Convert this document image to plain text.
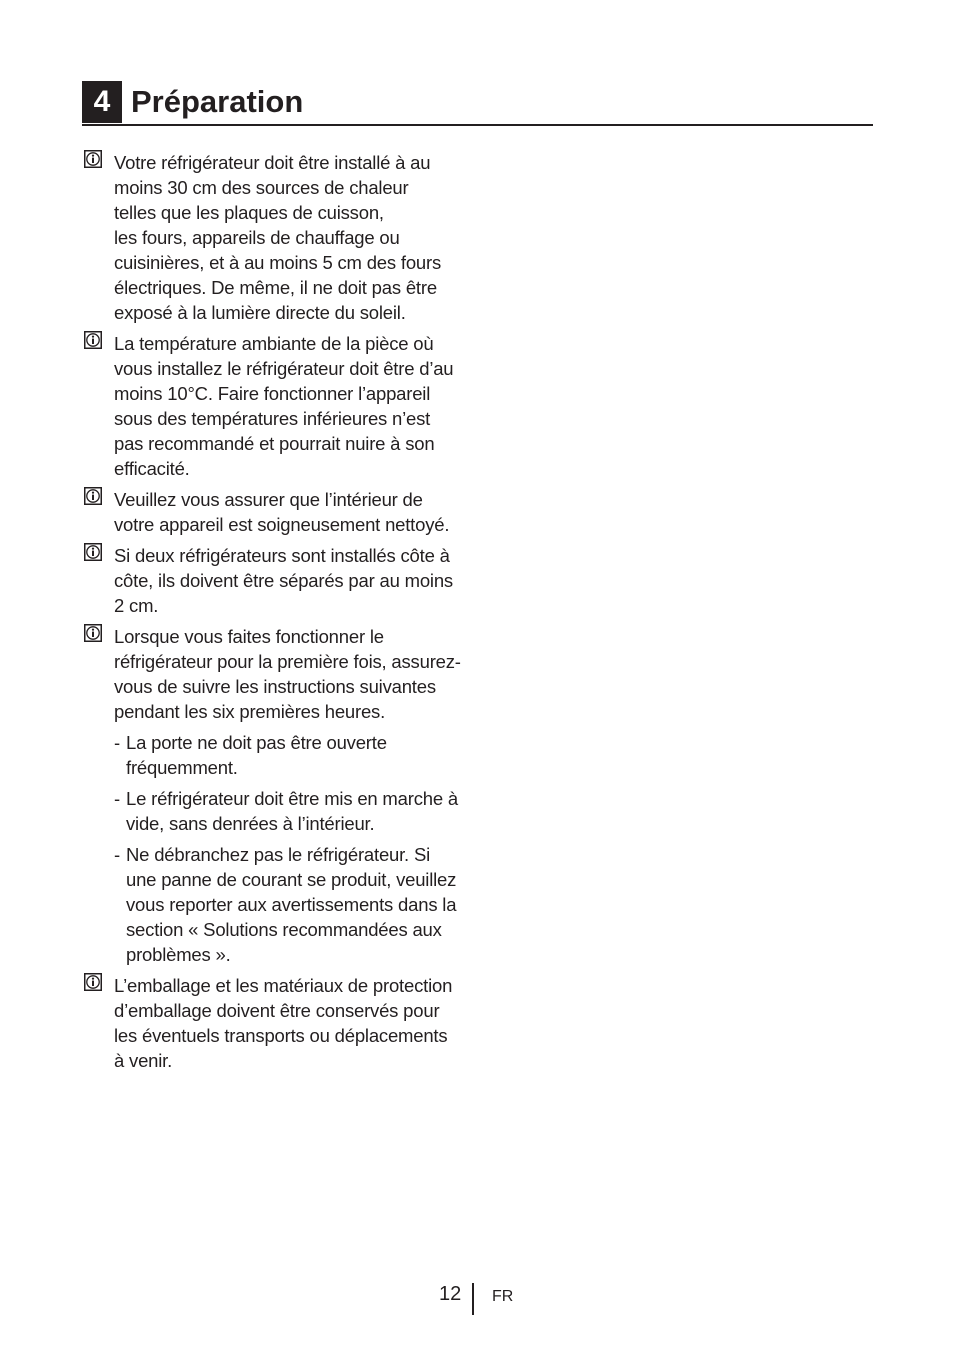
4 Préparation
Votre réfrigérateur doit être installé à au
moins 30 cm des sources de chaleur
telles que les plaques de cuisson,
les fours, appareils de chauffage ou
cuisinières, et à au moins 5 cm des fours
électriques. De même, il ne doit pas être
exposé à la lumière directe du soleil.
La température ambiante de la pièce où
vous installez le réfrigérateur doit être d’au
moins 10°C. Faire fonctionner l’appareil
sous des températures inférieures n’est
pas recommandé et pourrait nuire à son
efficacité.
Veuillez vous assurer que l’intérieur de
votre appareil est soigneusement nettoyé.
Si deux réfrigérateurs sont installés côte à
côte, ils doivent être séparés par au moins
2 cm.
Lorsque vous faites fonctionner le
réfrigérateur pour la première fois, assurez-
vous de suivre les instructions suivantes
pendant les six premières heures.
- La porte ne doit pas être ouverte
fréquemment.
- Le réfrigérateur doit être mis en marche à
vide, sans denrées à l’intérieur.
- Ne débranchez pas le réfrigérateur. Si
une panne de courant se produit, veuillez
vous reporter aux avertissements dans la
section « Solutions recommandées aux
problèmes ».
L’emballage et les matériaux de protection
d’emballage doivent être conservés pour
les éventuels transports ou déplacements
à venir.
12 FR
